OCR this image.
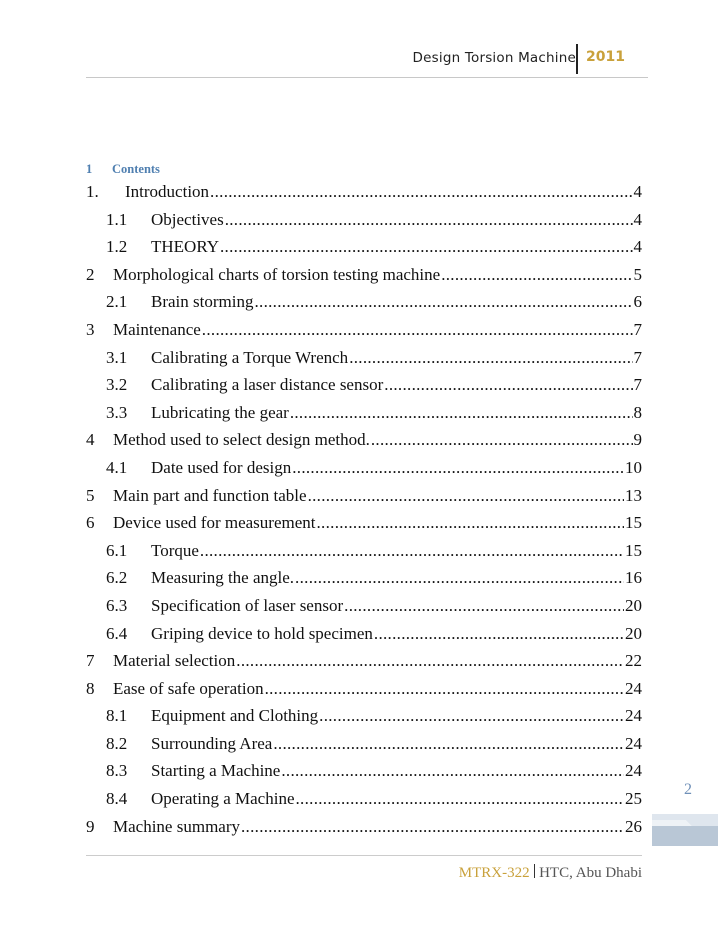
Design Torsion Machine 2011
1 Contents
1.	Introduction .....	4
1.1	Objectives .....	4
1.2	THEORY .....	4
2	Morphological charts of torsion testing machine .....	5
2.1	Brain storming .....	6
3	Maintenance .....	7
3.1	Calibrating a Torque Wrench .....	7
3.2	Calibrating a laser distance sensor .....	7
3.3	Lubricating the gear .....	8
4	Method used to select design method. .....	9
4.1	Date used for design .....	10
5	Main part and function table .....	13
6	Device used for measurement .....	15
6.1	Torque .....	15
6.2	Measuring the angle. .....	16
6.3	Specification of laser sensor .....	20
6.4	Griping device to hold specimen .....	20
7	Material selection .....	22
8	Ease of safe operation .....	24
8.1	Equipment and Clothing .....	24
8.2	Surrounding Area .....	24
8.3	Starting a Machine .....	24
8.4	Operating a Machine .....	25
9	Machine summary .....	26
2
MTRX-322 HTC, Abu Dhabi
